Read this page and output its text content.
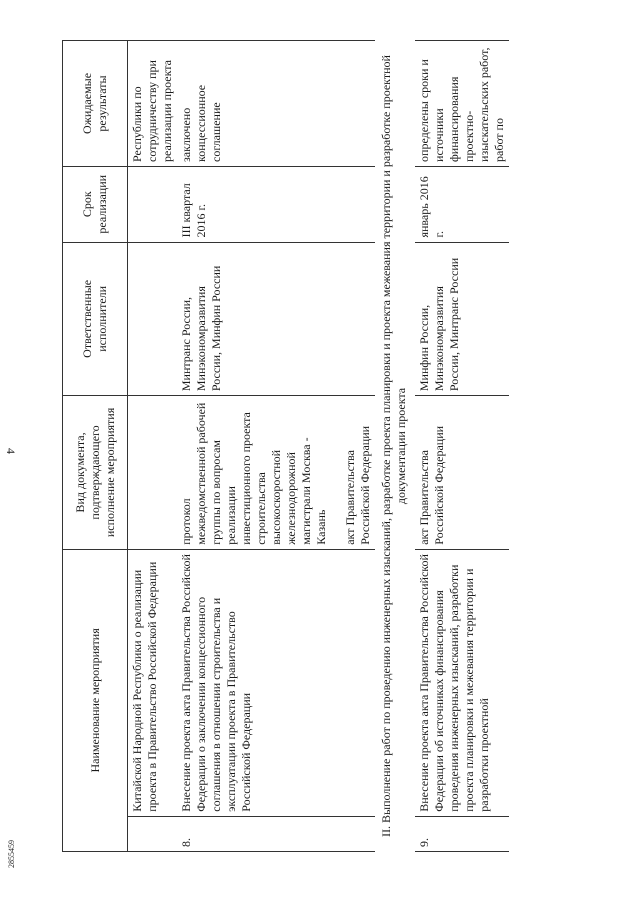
4
2855459
Наименование мероприятия		Вид документа, подтверждающего исполнение мероприятия	Ответственные исполнители	Срок реализации	Ожидаемые результаты
	Китайской Народной Республики о реализации проекта в Правительство Российской Федерации				Республики по сотрудничеству при реализации проекта
8.	Внесение проекта акта Правительства Российской Федерации о заключении концессионного соглашения в отношении строительства и эксплуатации проекта в Правительство Российской Федерации	протокол межведомственной рабочей группы по вопросам реализации инвестиционного проекта строительства высокоскоростной железнодорожной магистрали Москва - Казань акт Правительства Российской Федерации	Минтранс России, Минэкономразвития России, Минфин России	III квартал 2016 г.	заключено концессионное соглашение
II. Выполнение работ по проведению инженерных изысканий, разработке проекта планировки и проекта межевания территории и разработке проектной документации проекта					
9.	Внесение проекта акта Правительства Российской Федерации об источниках финансирования проведения инженерных изысканий, разработки проекта планировки и межевания территории и разработки проектной	акт Правительства Российской Федерации	Минфин России, Минэкономразвития России, Минтранс России	январь 2016 г.	определены сроки и источники финансирования проектно-изыскательских работ, работ по
